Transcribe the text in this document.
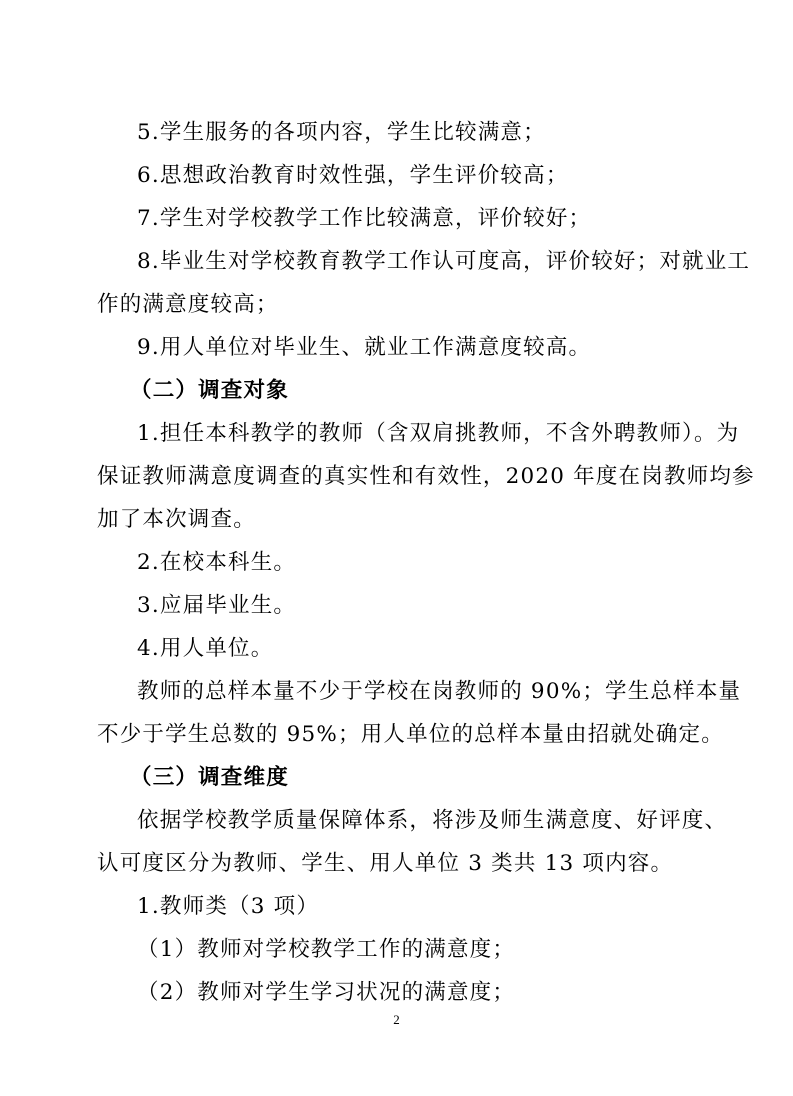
5.学生服务的各项内容，学生比较满意；
6.思想政治教育时效性强，学生评价较高；
7.学生对学校教学工作比较满意，评价较好；
8.毕业生对学校教育教学工作认可度高，评价较好；对就业工
作的满意度较高；
9.用人单位对毕业生、就业工作满意度较高。
（二）调查对象
1.担任本科教学的教师（含双肩挑教师，不含外聘教师）。为
保证教师满意度调查的真实性和有效性，2020 年度在岗教师均参
加了本次调查。
2.在校本科生。
3.应届毕业生。
4.用人单位。
教师的总样本量不少于学校在岗教师的 90%；学生总样本量
不少于学生总数的 95%；用人单位的总样本量由招就处确定。
（三）调查维度
依据学校教学质量保障体系，将涉及师生满意度、好评度、
认可度区分为教师、学生、用人单位 3 类共 13 项内容。
1.教师类（3 项）
（1）教师对学校教学工作的满意度；
（2）教师对学生学习状况的满意度；
2
